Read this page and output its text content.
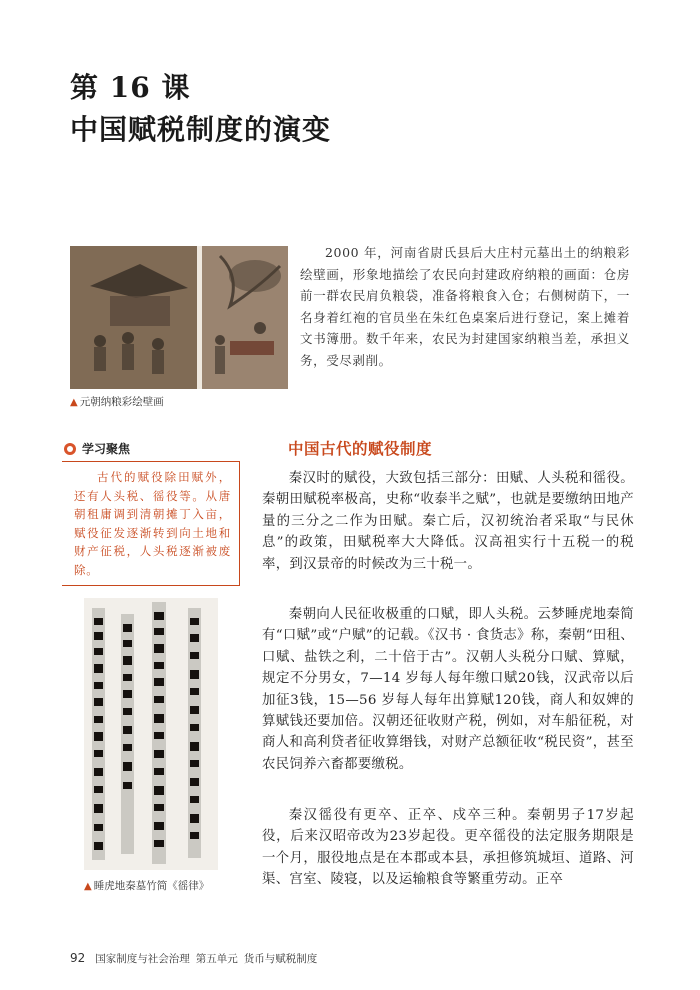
第 16 课
中国赋税制度的演变
▲ 元朝纳粮彩绘壁画

2000 年，河南省尉氏县后大庄村元墓出土的纳粮彩绘壁画，形象地描绘了农民向封建政府纳粮的画面：仓房前一群农民肩负粮袋，准备将粮食入仓；右侧树荫下，一名身着红袍的官员坐在朱红色桌案后进行登记，案上摊着文书簿册。数千年来，农民为封建国家纳粮当差，承担义务，受尽剥削。

学习聚焦

古代的赋役除田赋外，还有人头税、徭役等。从唐朝租庸调到清朝摊丁入亩，赋役征发逐渐转到向土地和财产征税，人头税逐渐被废除。

▲ 睡虎地秦墓竹简《徭律》
中国古代的赋役制度

秦汉时的赋役，大致包括三部分：田赋、人头税和徭役。秦朝田赋税率极高，史称“收泰半之赋”，也就是要缴纳田地产量的三分之二作为田赋。秦亡后，汉初统治者采取“与民休息”的政策，田赋税率大大降低。汉高祖实行十五税一的税率，到汉景帝的时候改为三十税一。

秦朝向人民征收极重的口赋，即人头税。云梦睡虎地秦简有“口赋”或“户赋”的记载。《汉书 · 食货志》称，秦朝“田租、口赋、盐铁之利，二十倍于古”。汉朝人头税分口赋、算赋，规定不分男女，7—14 岁每人每年缴口赋20钱，汉武帝以后加征3钱，15—56 岁每人每年出算赋120钱，商人和奴婢的算赋钱还要加倍。汉朝还征收财产税，例如，对车船征税，对商人和高利贷者征收算缗钱，对财产总额征收“税民资”，甚至农民饲养六畜都要缴税。

秦汉徭役有更卒、正卒、戍卒三种。秦朝男子17岁起役，后来汉昭帝改为23岁起役。更卒徭役的法定服务期限是一个月，服役地点是在本郡或本县，承担修筑城垣、道路、河渠、宫室、陵寝，以及运输粮食等繁重劳动。正卒

92 国家制度与社会治理 第五单元 货币与赋税制度
